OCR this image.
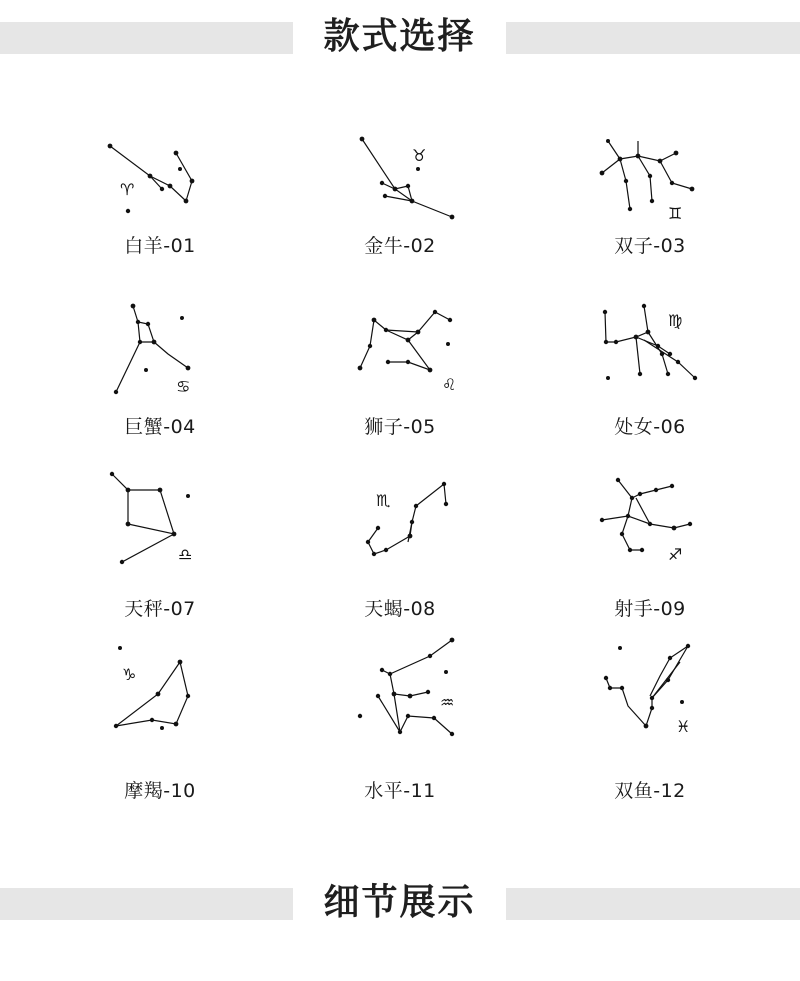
款式选择
♈
白羊-01
♉
金牛-02
♊
双子-03
♋
巨蟹-04
♌
狮子-05
♍
处女-06
♎
天秤-07
♏
天蝎-08
♐
射手-09
♑
摩羯-10
♒
水平-11
♓
双鱼-12
细节展示
